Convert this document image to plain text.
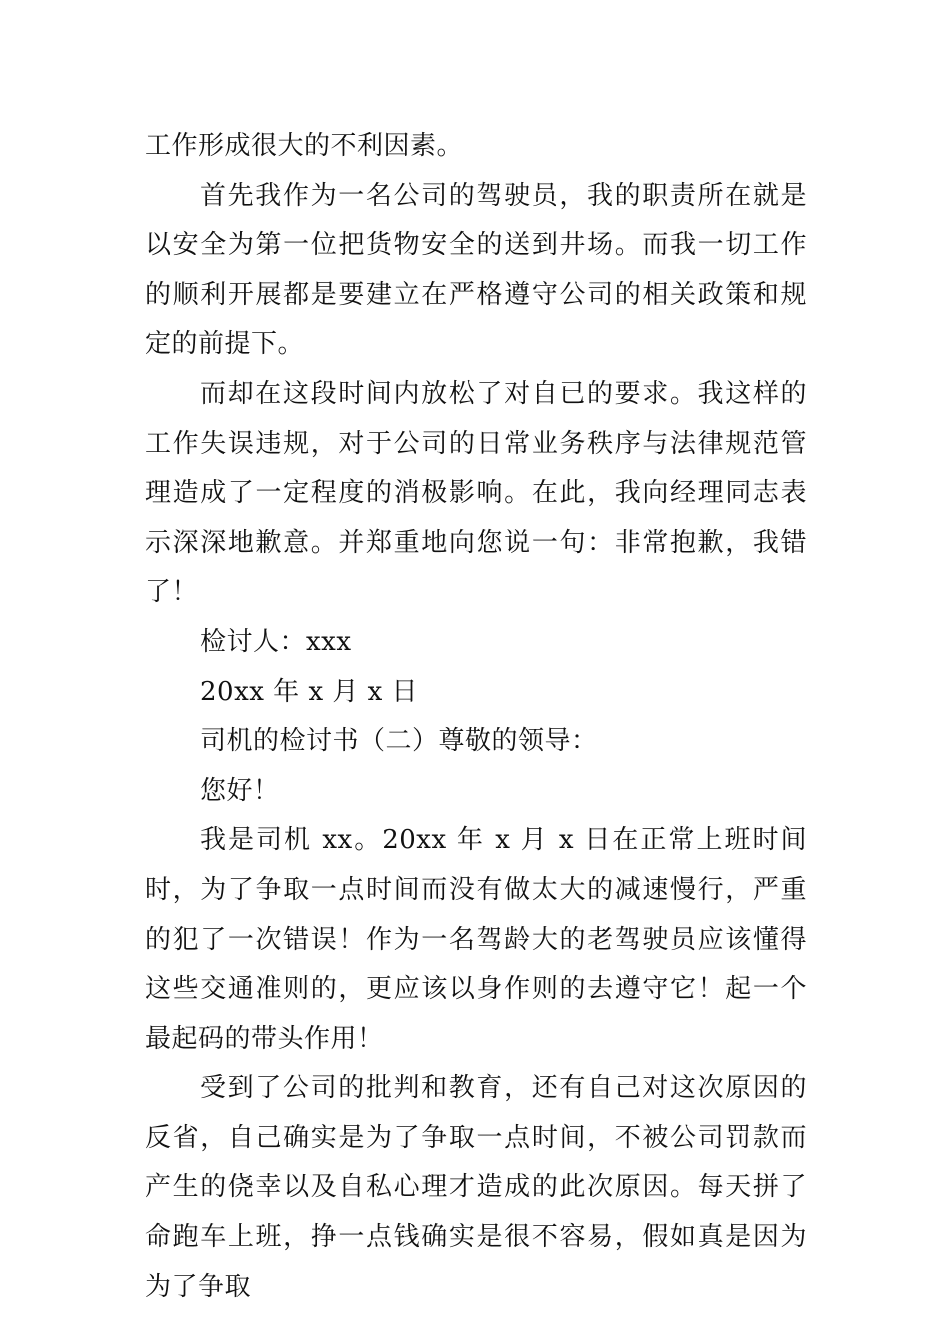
工作形成很大的不利因素。

首先我作为一名公司的驾驶员，我的职责所在就是以安全为第一位把货物安全的送到井场。而我一切工作的顺利开展都是要建立在严格遵守公司的相关政策和规定的前提下。

而却在这段时间内放松了对自已的要求。我这样的工作失误违规，对于公司的日常业务秩序与法律规范管理造成了一定程度的消极影响。在此，我向经理同志表示深深地歉意。并郑重地向您说一句：非常抱歉，我错了！

检讨人：xxx

20xx 年 x 月 x 日

司机的检讨书（二）尊敬的领导：

您好！

我是司机 xx。20xx 年 x 月 x 日在正常上班时间时，为了争取一点时间而没有做太大的减速慢行，严重的犯了一次错误！作为一名驾龄大的老驾驶员应该懂得这些交通准则的，更应该以身作则的去遵守它！起一个最起码的带头作用！

受到了公司的批判和教育，还有自己对这次原因的反省，自己确实是为了争取一点时间，不被公司罚款而产生的侥幸以及自私心理才造成的此次原因。每天拼了命跑车上班，挣一点钱确实是很不容易，假如真是因为为了争取
